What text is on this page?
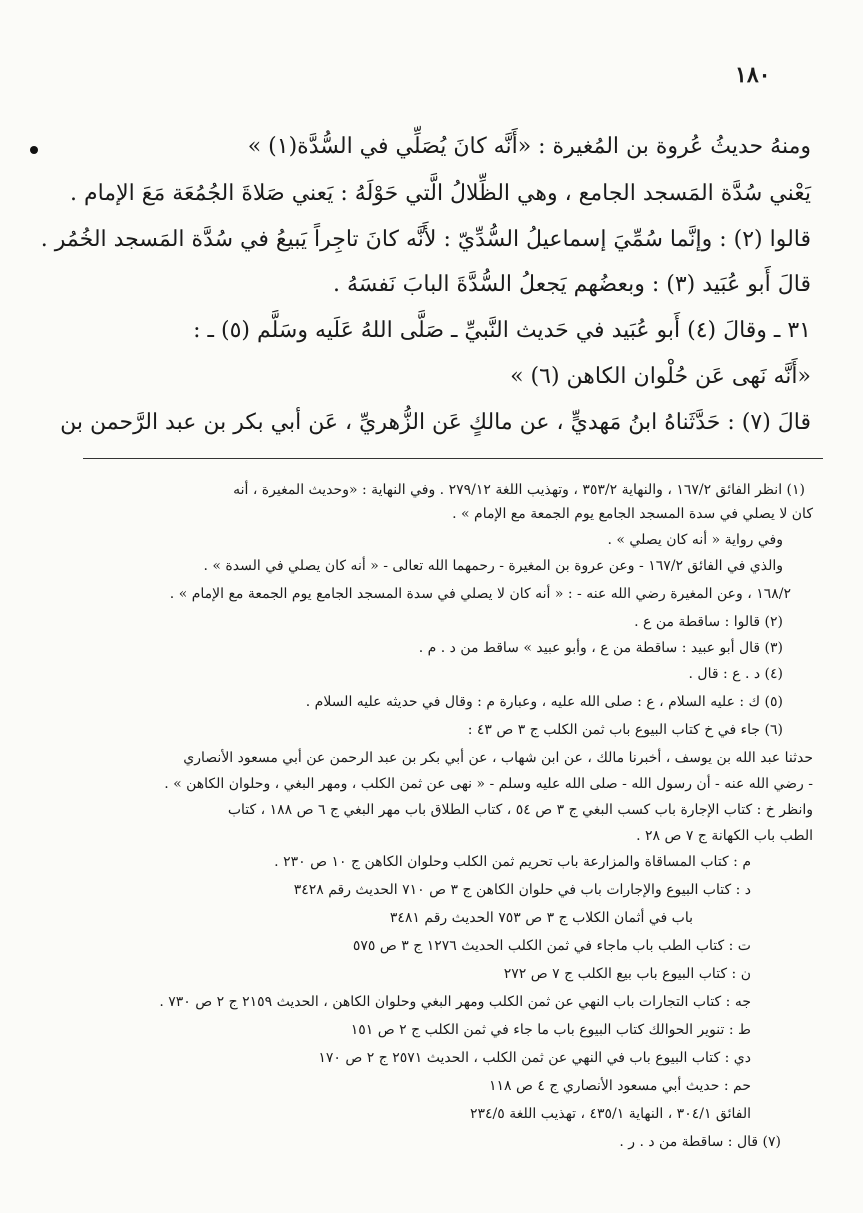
١٨٠
ومنهُ حديثُ عُروة بن المُغيرة : «أَنَّه كانَ يُصَلِّي في السُّدَّة(١) »
يَعْني سُدَّة المَسجد الجامع ، وهي الظِّلالُ الَّتي حَوْلَهُ : يَعني صَلاةَ الجُمُعَة مَعَ الإمام .
قالوا (٢) : وإنَّما سُمِّيَ إسماعيلُ السُّدِّيّ : لأَنَّه كانَ تاجِراً يَبيعُ في سُدَّة المَسجد الخُمُر .
قالَ أَبو عُبَيد (٣) : وبعضُهم يَجعلُ السُّدَّةَ البابَ نَفسَهُ .
٣١ ـ وقالَ (٤) أَبو عُبَيد في حَديث النَّبيِّ ـ صَلَّى اللهُ عَلَيه وسَلَّم (٥) ـ :
«أَنَّه نَهى عَن حُلْوان الكاهن (٦) »
قالَ (٧) : حَدَّثَناهُ ابنُ مَهديٍّ ، عن مالكٍ عَن الزُّهريِّ ، عَن أبي بكر بن عبد الرَّحمن بن
(١) انظر الفائق ١٦٧/٢ ، والنهاية ٣٥٣/٢ ، وتهذيب اللغة ٢٧٩/١٢ . وفي النهاية : «وحديث المغيرة ، أنه
كان لا يصلي في سدة المسجد الجامع يوم الجمعة مع الإمام » .
وفي رواية « أنه كان يصلي » .
والذي في الفائق ١٦٧/٢ - وعن عروة بن المغيرة - رحمهما الله تعالى - « أنه كان يصلي في السدة » .
١٦٨/٢ ، وعن المغيرة رضي الله عنه - : « أنه كان لا يصلي في سدة المسجد الجامع يوم الجمعة مع الإمام » .
(٢) قالوا : ساقطة من ع .
(٣) قال أبو عبيد : ساقطة من ع ، وأبو عبيد » ساقط من د . م .
(٤) د . ع : قال .
(٥) ك : عليه السلام ، ع : صلى الله عليه ، وعبارة م : وقال في حديثه عليه السلام .
(٦) جاء في خ كتاب البيوع باب ثمن الكلب ج ٣ ص ٤٣ :
حدثنا عبد الله بن يوسف ، أخبرنا مالك ، عن ابن شهاب ، عن أبي بكر بن عبد الرحمن عن أبي مسعود الأنصاري
- رضي الله عنه - أن رسول الله - صلى الله عليه وسلم - « نهى عن ثمن الكلب ، ومهر البغي ، وحلوان الكاهن » .
وانظر خ : كتاب الإجارة باب كسب البغي ج ٣ ص ٥٤ ، كتاب الطلاق باب مهر البغي ج ٦ ص ١٨٨ ، كتاب
الطب باب الكهانة ج ٧ ص ٢٨ .
م : كتاب المساقاة والمزارعة باب تحريم ثمن الكلب وحلوان الكاهن ج ١٠ ص ٢٣٠ .
د : كتاب البيوع والإجارات باب في حلوان الكاهن ج ٣ ص ٧١٠ الحديث رقم ٣٤٢٨
باب في أثمان الكلاب ج ٣ ص ٧٥٣ الحديث رقم ٣٤٨١
ت : كتاب الطب باب ماجاء في ثمن الكلب الحديث ١٢٧٦ ج ٣ ص ٥٧٥
ن : كتاب البيوع باب بيع الكلب ج ٧ ص ٢٧٢
جه : كتاب التجارات باب النهي عن ثمن الكلب ومهر البغي وحلوان الكاهن ، الحديث ٢١٥٩ ج ٢ ص ٧٣٠ .
ط : تنوير الحوالك كتاب البيوع باب ما جاء في ثمن الكلب ج ٢ ص ١٥١
دي : كتاب البيوع باب في النهي عن ثمن الكلب ، الحديث ٢٥٧١ ج ٢ ص ١٧٠
حم : حديث أبي مسعود الأنصاري ج ٤ ص ١١٨
الفائق ٣٠٤/١ ، النهاية ٤٣٥/١ ، تهذيب اللغة ٢٣٤/٥
(٧) قال : ساقطة من د . ر .
